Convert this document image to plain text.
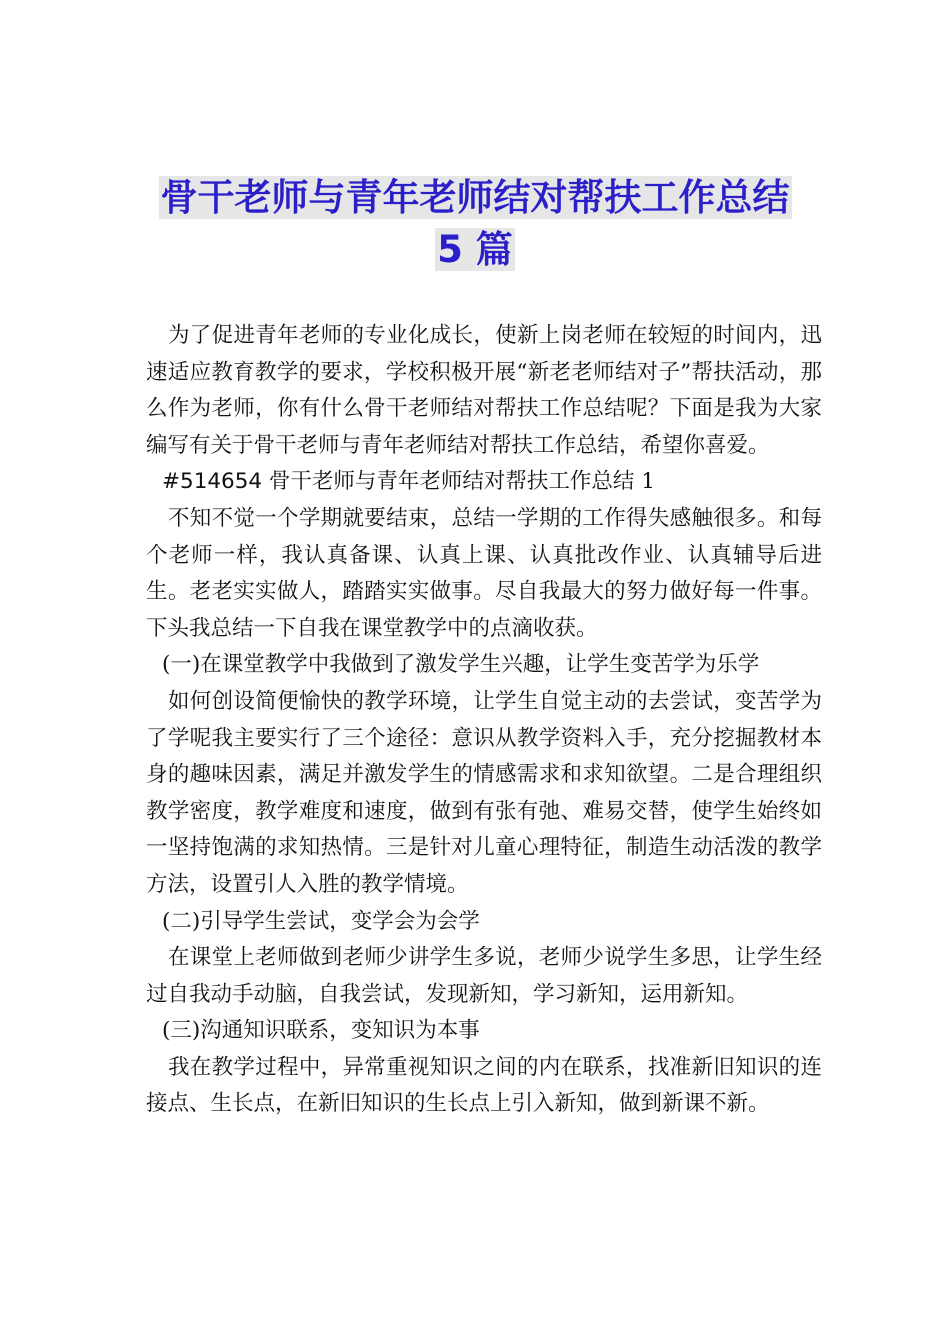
骨干老师与青年老师结对帮扶工作总结
5 篇

为了促进青年老师的专业化成长，使新上岗老师在较短的时间内，迅速适应教育教学的要求，学校积极开展“新老老师结对子”帮扶活动，那么作为老师，你有什么骨干老师结对帮扶工作总结呢？下面是我为大家编写有关于骨干老师与青年老师结对帮扶工作总结，希望你喜爱。

#514654 骨干老师与青年老师结对帮扶工作总结 1

不知不觉一个学期就要结束，总结一学期的工作得失感触很多。和每个老师一样，我认真备课、认真上课、认真批改作业、认真辅导后进生。老老实实做人，踏踏实实做事。尽自我最大的努力做好每一件事。下头我总结一下自我在课堂教学中的点滴收获。

(一)在课堂教学中我做到了激发学生兴趣，让学生变苦学为乐学

如何创设简便愉快的教学环境，让学生自觉主动的去尝试，变苦学为了学呢我主要实行了三个途径：意识从教学资料入手，充分挖掘教材本身的趣味因素，满足并激发学生的情感需求和求知欲望。二是合理组织教学密度，教学难度和速度，做到有张有弛、难易交替，使学生始终如一坚持饱满的求知热情。三是针对儿童心理特征，制造生动活泼的教学方法，设置引人入胜的教学情境。

(二)引导学生尝试，变学会为会学

在课堂上老师做到老师少讲学生多说，老师少说学生多思，让学生经过自我动手动脑，自我尝试，发现新知，学习新知，运用新知。

(三)沟通知识联系，变知识为本事

我在教学过程中，异常重视知识之间的内在联系，找准新旧知识的连接点、生长点，在新旧知识的生长点上引入新知，做到新课不新。
